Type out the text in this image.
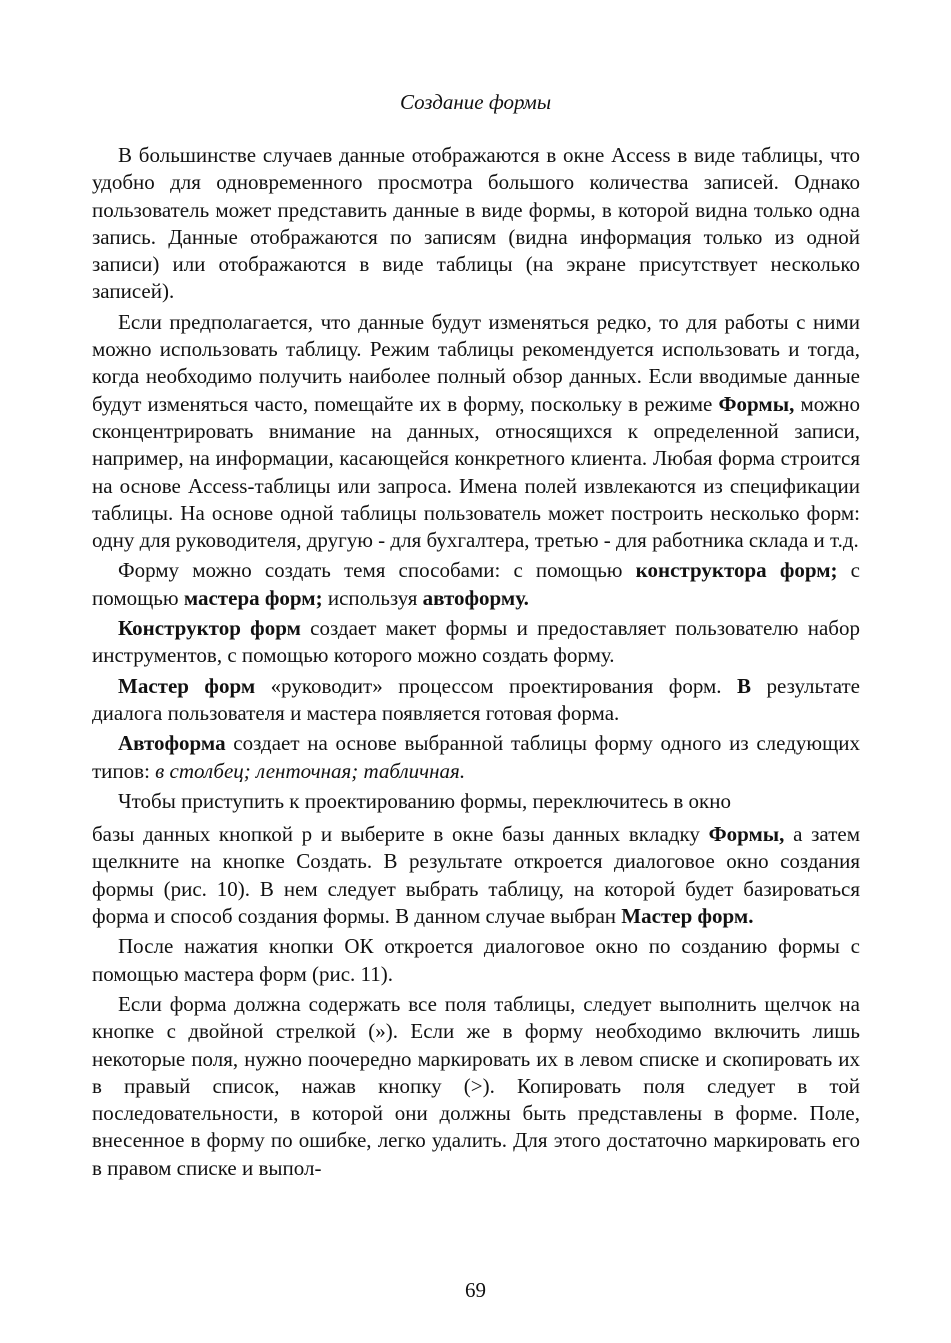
Создание формы

В большинстве случаев данные отображаются в окне Access в виде таблицы, что удобно для одновременного просмотра большого количества записей. Однако пользователь может представить данные в виде формы, в которой видна только одна запись. Данные отображаются по записям (видна информация только из одной записи) или отображаются в виде таблицы (на экране присутствует несколько записей).

Если предполагается, что данные будут изменяться редко, то для работы с ними можно использовать таблицу. Режим таблицы рекомендуется использовать и тогда, когда необходимо получить наиболее полный обзор данных. Если вводимые данные будут изменяться часто, помещайте их в форму, поскольку в режиме Формы, можно сконцентрировать внимание на данных, относящихся к определенной записи, например, на информации, касающейся конкретного клиента. Любая форма строится на основе Access-таблицы или запроса. Имена полей извлекаются из спецификации таблицы. На основе одной таблицы пользователь может построить несколько форм: одну для руководителя, другую - для бухгалтера, третью - для работника склада и т.д.

Форму можно создать темя способами: с помощью конструктора форм; с помощью мастера форм; используя автоформу.

Конструктор форм создает макет формы и предоставляет пользователю набор инструментов, с помощью которого можно создать форму.

Мастер форм «руководит» процессом проектирования форм. В результате диалога пользователя и мастера появляется готовая форма.

Автоформа создает на основе выбранной таблицы форму одного из следующих типов: в столбец; ленточная; табличная.

Чтобы приступить к проектированию формы, переключитесь в окно

базы данных кнопкой р и выберите в окне базы данных вкладку Формы, а затем щелкните на кнопке Создать. В результате откроется диалоговое окно создания формы (рис. 10). В нем следует выбрать таблицу, на которой будет базироваться форма и способ создания формы. В данном случае выбран Мастер форм.

После нажатия кнопки ОК откроется диалоговое окно по созданию формы с помощью мастера форм (рис. 11).

Если форма должна содержать все поля таблицы, следует выполнить щелчок на кнопке с двойной стрелкой (»). Если же в форму необходимо включить лишь некоторые поля, нужно поочередно маркировать их в левом списке и скопировать их в правый список, нажав кнопку (>). Копировать поля следует в той последовательности, в которой они должны быть представлены в форме. Поле, внесенное в форму по ошибке, легко удалить. Для этого достаточно маркировать его в правом списке и выпол-

69
